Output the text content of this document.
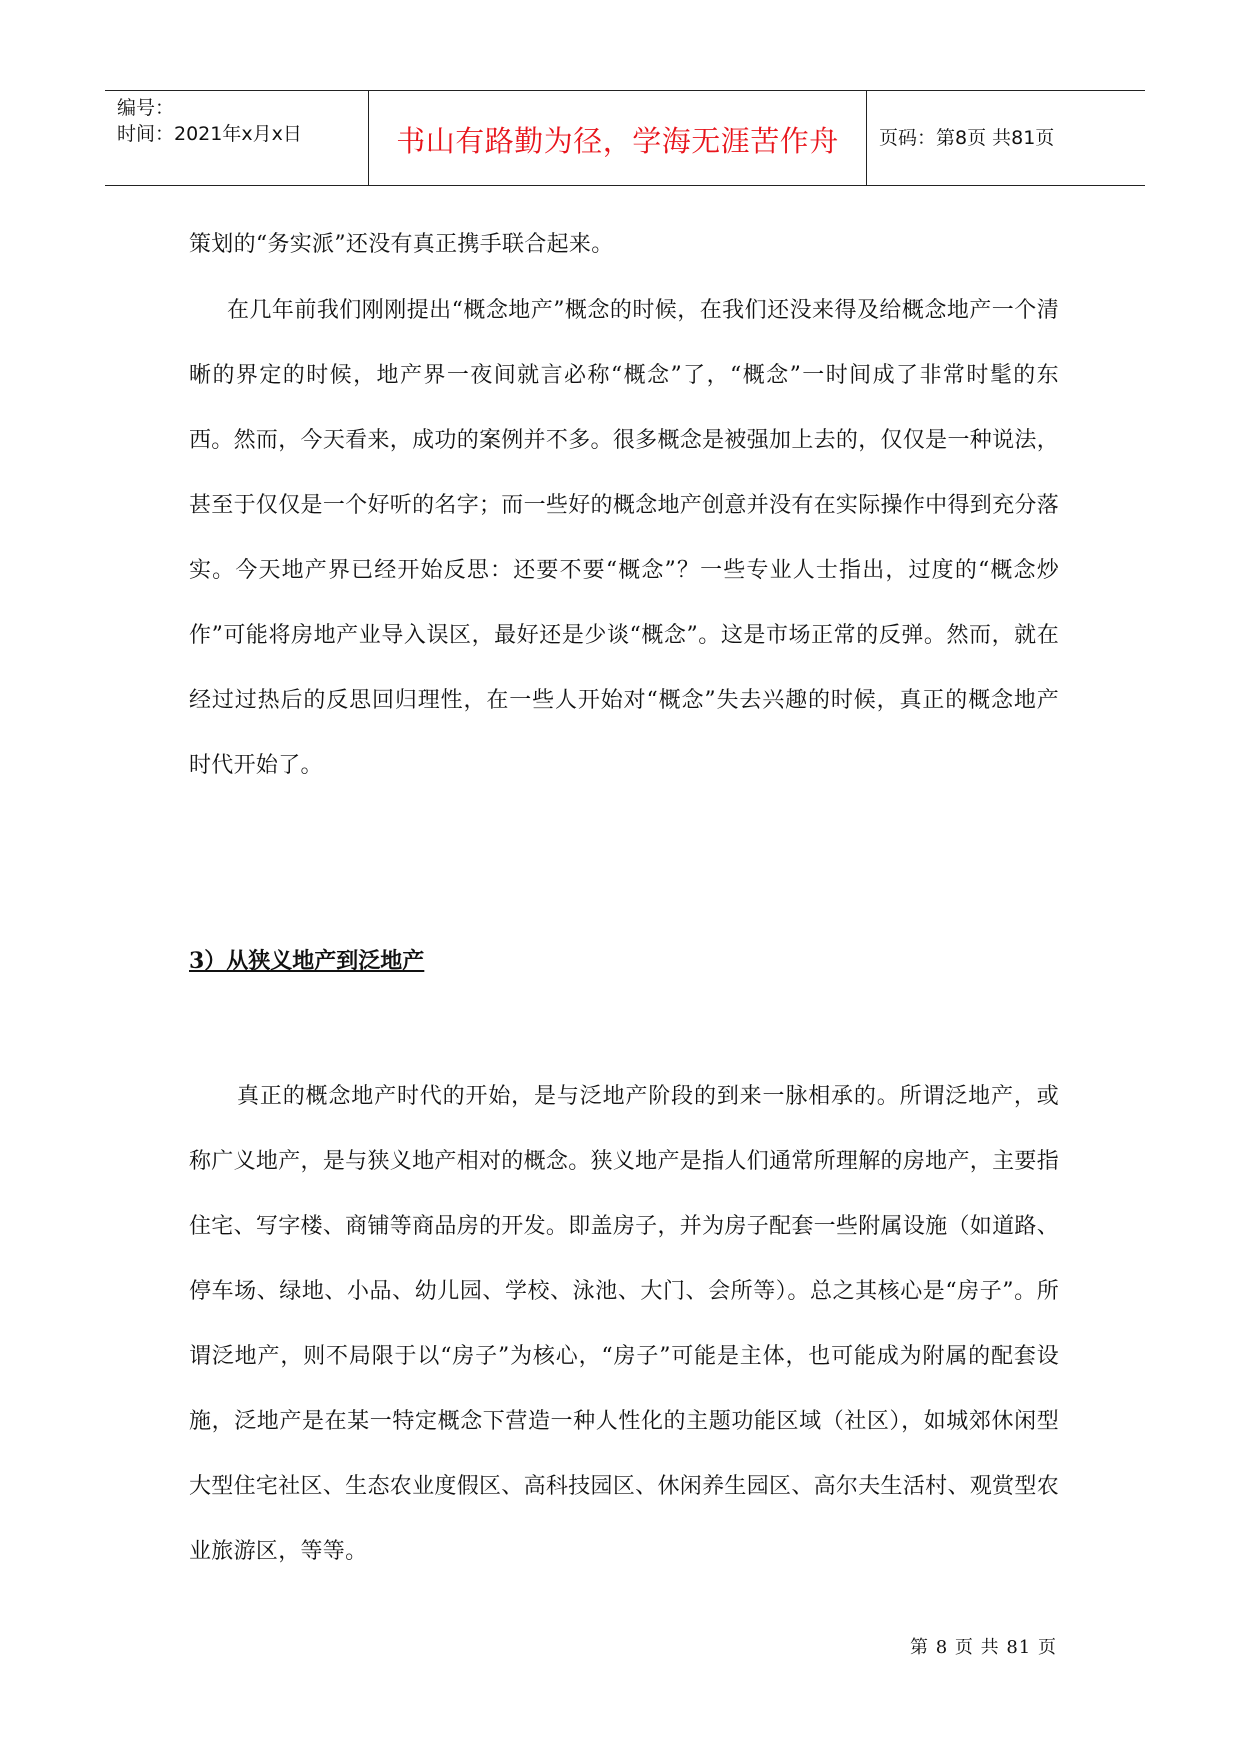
编号：
时间：2021年x月x日	书山有路勤为径，学海无涯苦作舟	页码：第8页 共81页

策划的“务实派”还没有真正携手联合起来。

在几年前我们刚刚提出“概念地产”概念的时候，在我们还没来得及给概念地产一个清晰的界定的时候，地产界一夜间就言必称“概念”了，“概念”一时间成了非常时髦的东西。然而，今天看来，成功的案例并不多。很多概念是被强加上去的，仅仅是一种说法，甚至于仅仅是一个好听的名字；而一些好的概念地产创意并没有在实际操作中得到充分落实。今天地产界已经开始反思：还要不要“概念”？一些专业人士指出，过度的“概念炒作”可能将房地产业导入误区，最好还是少谈“概念”。这是市场正常的反弹。然而，就在经过过热后的反思回归理性，在一些人开始对“概念”失去兴趣的时候，真正的概念地产时代开始了。

3）从狭义地产到泛地产

真正的概念地产时代的开始，是与泛地产阶段的到来一脉相承的。所谓泛地产，或称广义地产，是与狭义地产相对的概念。狭义地产是指人们通常所理解的房地产，主要指住宅、写字楼、商铺等商品房的开发。即盖房子，并为房子配套一些附属设施（如道路、停车场、绿地、小品、幼儿园、学校、泳池、大门、会所等）。总之其核心是“房子”。所谓泛地产，则不局限于以“房子”为核心，“房子”可能是主体，也可能成为附属的配套设施，泛地产是在某一特定概念下营造一种人性化的主题功能区域（社区），如城郊休闲型大型住宅社区、生态农业度假区、高科技园区、休闲养生园区、高尔夫生活村、观赏型农业旅游区，等等。

第 8 页 共 81 页
